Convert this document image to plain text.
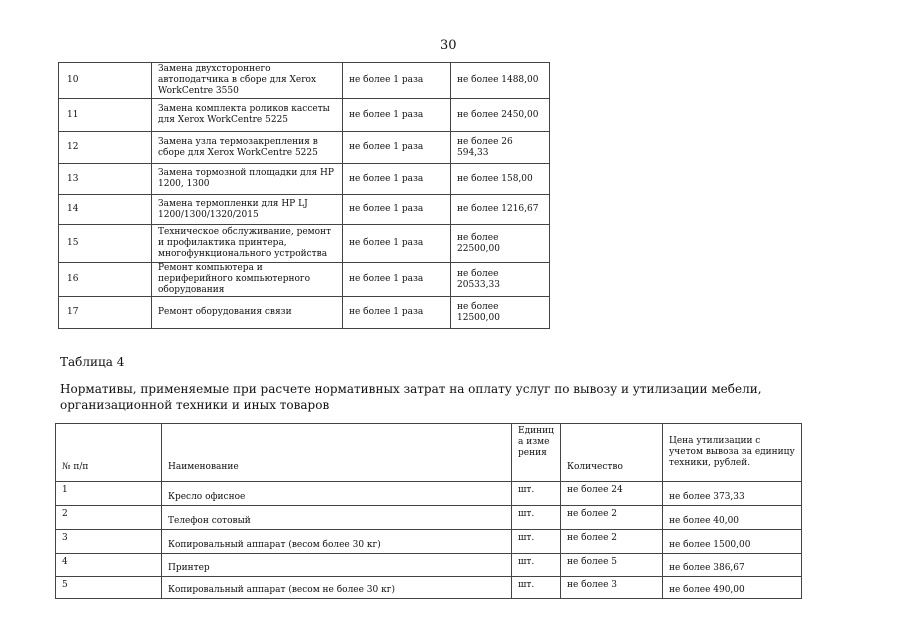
30
10	Замена двухстороннего автоподатчика в сборе для Xerox WorkCentre 3550	не более 1 раза	не более 1488,00
11	Замена комплекта роликов кассеты для Xerox WorkCentre 5225	не более 1 раза	не более 2450,00
12	Замена узла термозакрепления в сборе для Xerox WorkCentre 5225	не более 1 раза	не более 26 594,33
13	Замена тормозной площадки для HP 1200, 1300	не более 1 раза	не более 158,00
14	Замена термопленки для HP LJ 1200/1300/1320/2015	не более 1 раза	не более 1216,67
15	Техническое обслуживание, ремонт и профилактика принтера, многофункционального устройства	не более 1 раза	не более 22500,00
16	Ремонт компьютера и периферийного компьютерного оборудования	не более 1 раза	не более 20533,33
17	Ремонт оборудования связи	не более 1 раза	не более 12500,00
Таблица 4
Нормативы, применяемые при расчете нормативных затрат на оплату услуг по вывозу и утилизации мебели, организационной техники и иных товаров
№ п/п	Наименование	Единица измерения	Количество	Цена утилизации с учетом вывоза за единицу техники, рублей.
1	Кресло офисное	шт.	не более 24	не более 373,33
2	Телефон сотовый	шт.	не более 2	не более 40,00
3	Копировальный аппарат (весом более 30 кг)	шт.	не более 2	не более 1500,00
4	Принтер	шт.	не более 5	не более 386,67
5	Копировальный аппарат (весом не более 30 кг)	шт.	не более 3	не более 490,00
